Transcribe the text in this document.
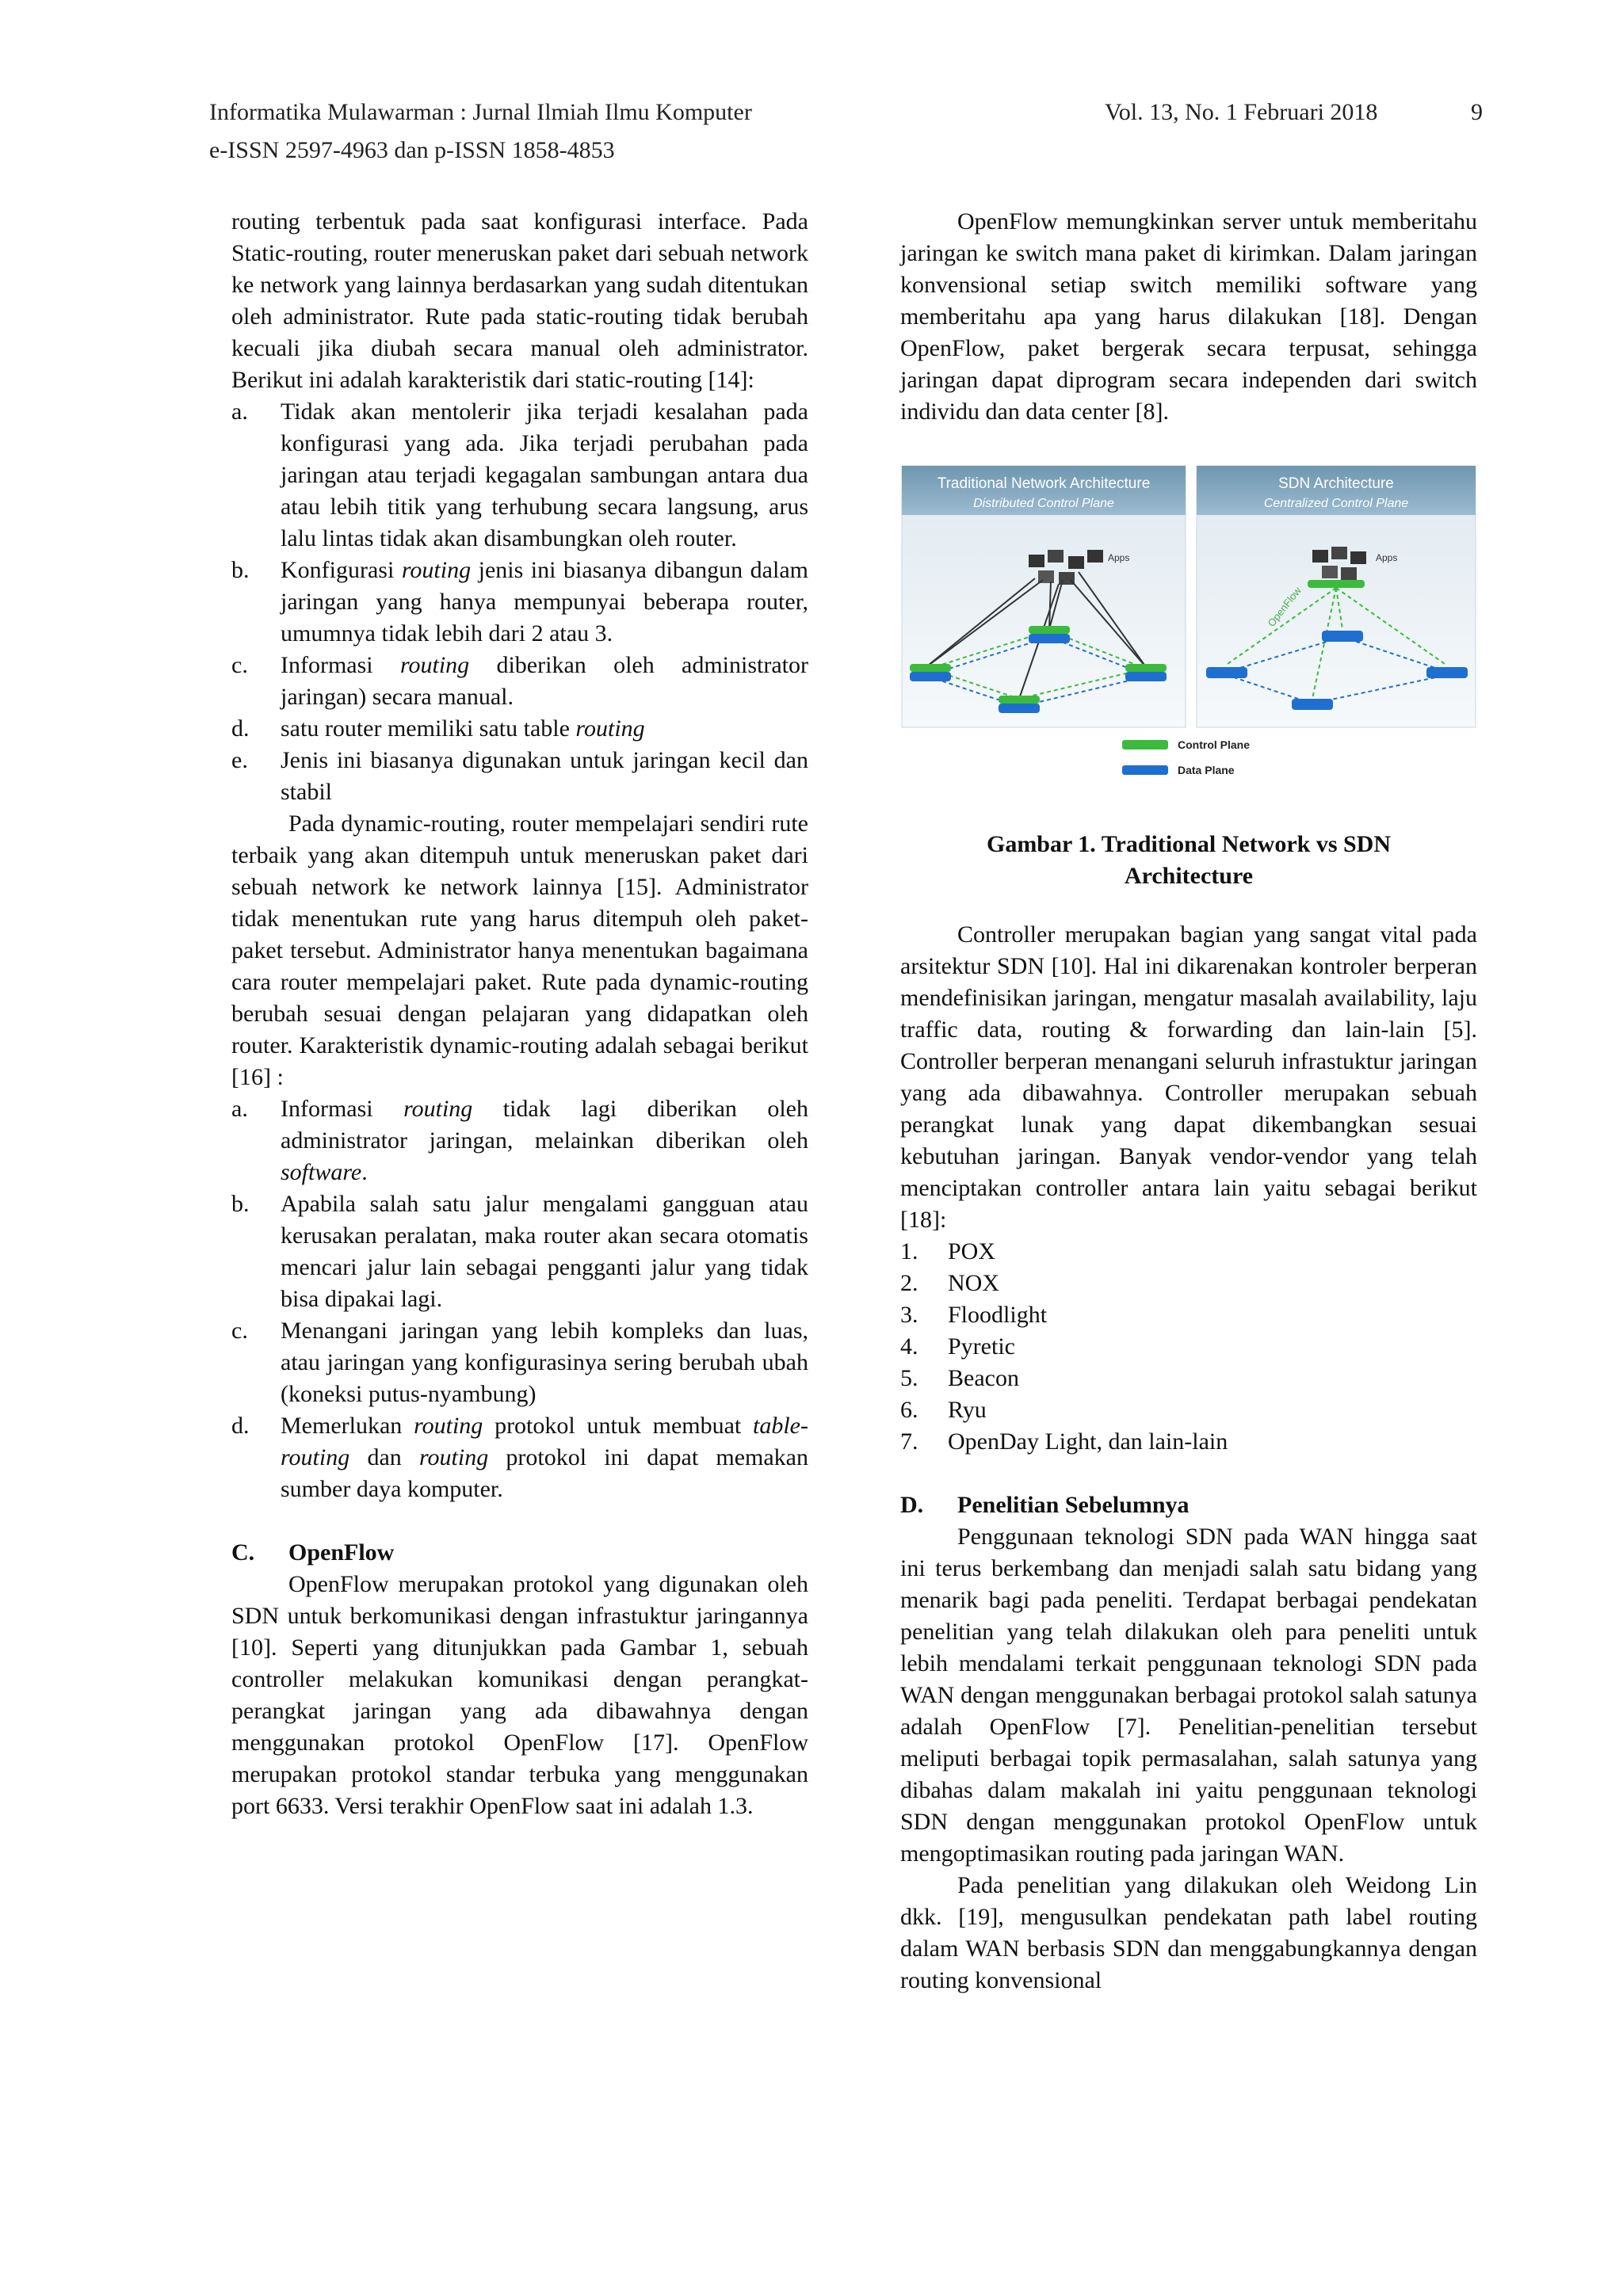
Informatika Mulawarman : Jurnal Ilmiah Ilmu Komputer	Vol. 13, No. 1 Februari 2018	9
e-ISSN 2597-4963 dan p-ISSN 1858-4853

routing terbentuk pada saat konfigurasi interface. Pada Static-routing, router meneruskan paket dari sebuah network ke network yang lainnya berdasarkan yang sudah ditentukan oleh administrator. Rute pada static-routing tidak berubah kecuali jika diubah secara manual oleh administrator. Berikut ini adalah karakteristik dari static-routing [14]:

a.	Tidak akan mentolerir jika terjadi kesalahan pada konfigurasi yang ada. Jika terjadi perubahan pada jaringan atau terjadi kegagalan sambungan antara dua atau lebih titik yang terhubung secara langsung, arus lalu lintas tidak akan disambungkan oleh router.
b.	Konfigurasi routing jenis ini biasanya dibangun dalam jaringan yang hanya mempunyai beberapa router, umumnya tidak lebih dari 2 atau 3.
c.	Informasi routing diberikan oleh administrator jaringan) secara manual.
d.	satu router memiliki satu table routing
e.	Jenis ini biasanya digunakan untuk jaringan kecil dan stabil

Pada dynamic-routing, router mempelajari sendiri rute terbaik yang akan ditempuh untuk meneruskan paket dari sebuah network ke network lainnya [15]. Administrator tidak menentukan rute yang harus ditempuh oleh paket-paket tersebut. Administrator hanya menentukan bagaimana cara router mempelajari paket. Rute pada dynamic-routing berubah sesuai dengan pelajaran yang didapatkan oleh router. Karakteristik dynamic-routing adalah sebagai berikut [16] :

a.	Informasi routing tidak lagi diberikan oleh administrator jaringan, melainkan diberikan oleh software.
b.	Apabila salah satu jalur mengalami gangguan atau kerusakan peralatan, maka router akan secara otomatis mencari jalur lain sebagai pengganti jalur yang tidak bisa dipakai lagi.
c.	Menangani jaringan yang lebih kompleks dan luas, atau jaringan yang konfigurasinya sering berubah ubah (koneksi putus-nyambung)
d.	Memerlukan routing protokol untuk membuat table-routing dan routing protokol ini dapat memakan sumber daya komputer.
C.	OpenFlow

OpenFlow merupakan protokol yang digunakan oleh SDN untuk berkomunikasi dengan infrastuktur jaringannya [10]. Seperti yang ditunjukkan pada Gambar 1, sebuah controller melakukan komunikasi dengan perangkat-perangkat jaringan yang ada dibawahnya dengan menggunakan protokol OpenFlow [17]. OpenFlow merupakan protokol standar terbuka yang menggunakan port 6633. Versi terakhir OpenFlow saat ini adalah 1.3.

OpenFlow memungkinkan server untuk memberitahu jaringan ke switch mana paket di kirimkan. Dalam jaringan konvensional setiap switch memiliki software yang memberitahu apa yang harus dilakukan [18]. Dengan OpenFlow, paket bergerak secara terpusat, sehingga jaringan dapat diprogram secara independen dari switch individu dan data center [8].

Traditional Network Architecture
Distributed Control Plane
SDN Architecture
Centralized Control Plane
Apps	Apps
OpenFlow
Control Plane
Data Plane

Gambar 1. Traditional Network vs SDN Architecture

Controller merupakan bagian yang sangat vital pada arsitektur SDN [10]. Hal ini dikarenakan kontroler berperan mendefinisikan jaringan, mengatur masalah availability, laju traffic data, routing & forwarding dan lain-lain [5]. Controller berperan menangani seluruh infrastuktur jaringan yang ada dibawahnya. Controller merupakan sebuah perangkat lunak yang dapat dikembangkan sesuai kebutuhan jaringan. Banyak vendor-vendor yang telah menciptakan controller antara lain yaitu sebagai berikut [18]:

1.	POX
2.	NOX
3.	Floodlight
4.	Pyretic
5.	Beacon
6.	Ryu
7.	OpenDay Light, dan lain-lain
D.	Penelitian Sebelumnya

Penggunaan teknologi SDN pada WAN hingga saat ini terus berkembang dan menjadi salah satu bidang yang menarik bagi pada peneliti. Terdapat berbagai pendekatan penelitian yang telah dilakukan oleh para peneliti untuk lebih mendalami terkait penggunaan teknologi SDN pada WAN dengan menggunakan berbagai protokol salah satunya adalah OpenFlow [7]. Penelitian-penelitian tersebut meliputi berbagai topik permasalahan, salah satunya yang dibahas dalam makalah ini yaitu penggunaan teknologi SDN dengan menggunakan protokol OpenFlow untuk mengoptimasikan routing pada jaringan WAN.

Pada penelitian yang dilakukan oleh Weidong Lin dkk. [19], mengusulkan pendekatan path label routing dalam WAN berbasis SDN dan menggabungkannya dengan routing konvensional
